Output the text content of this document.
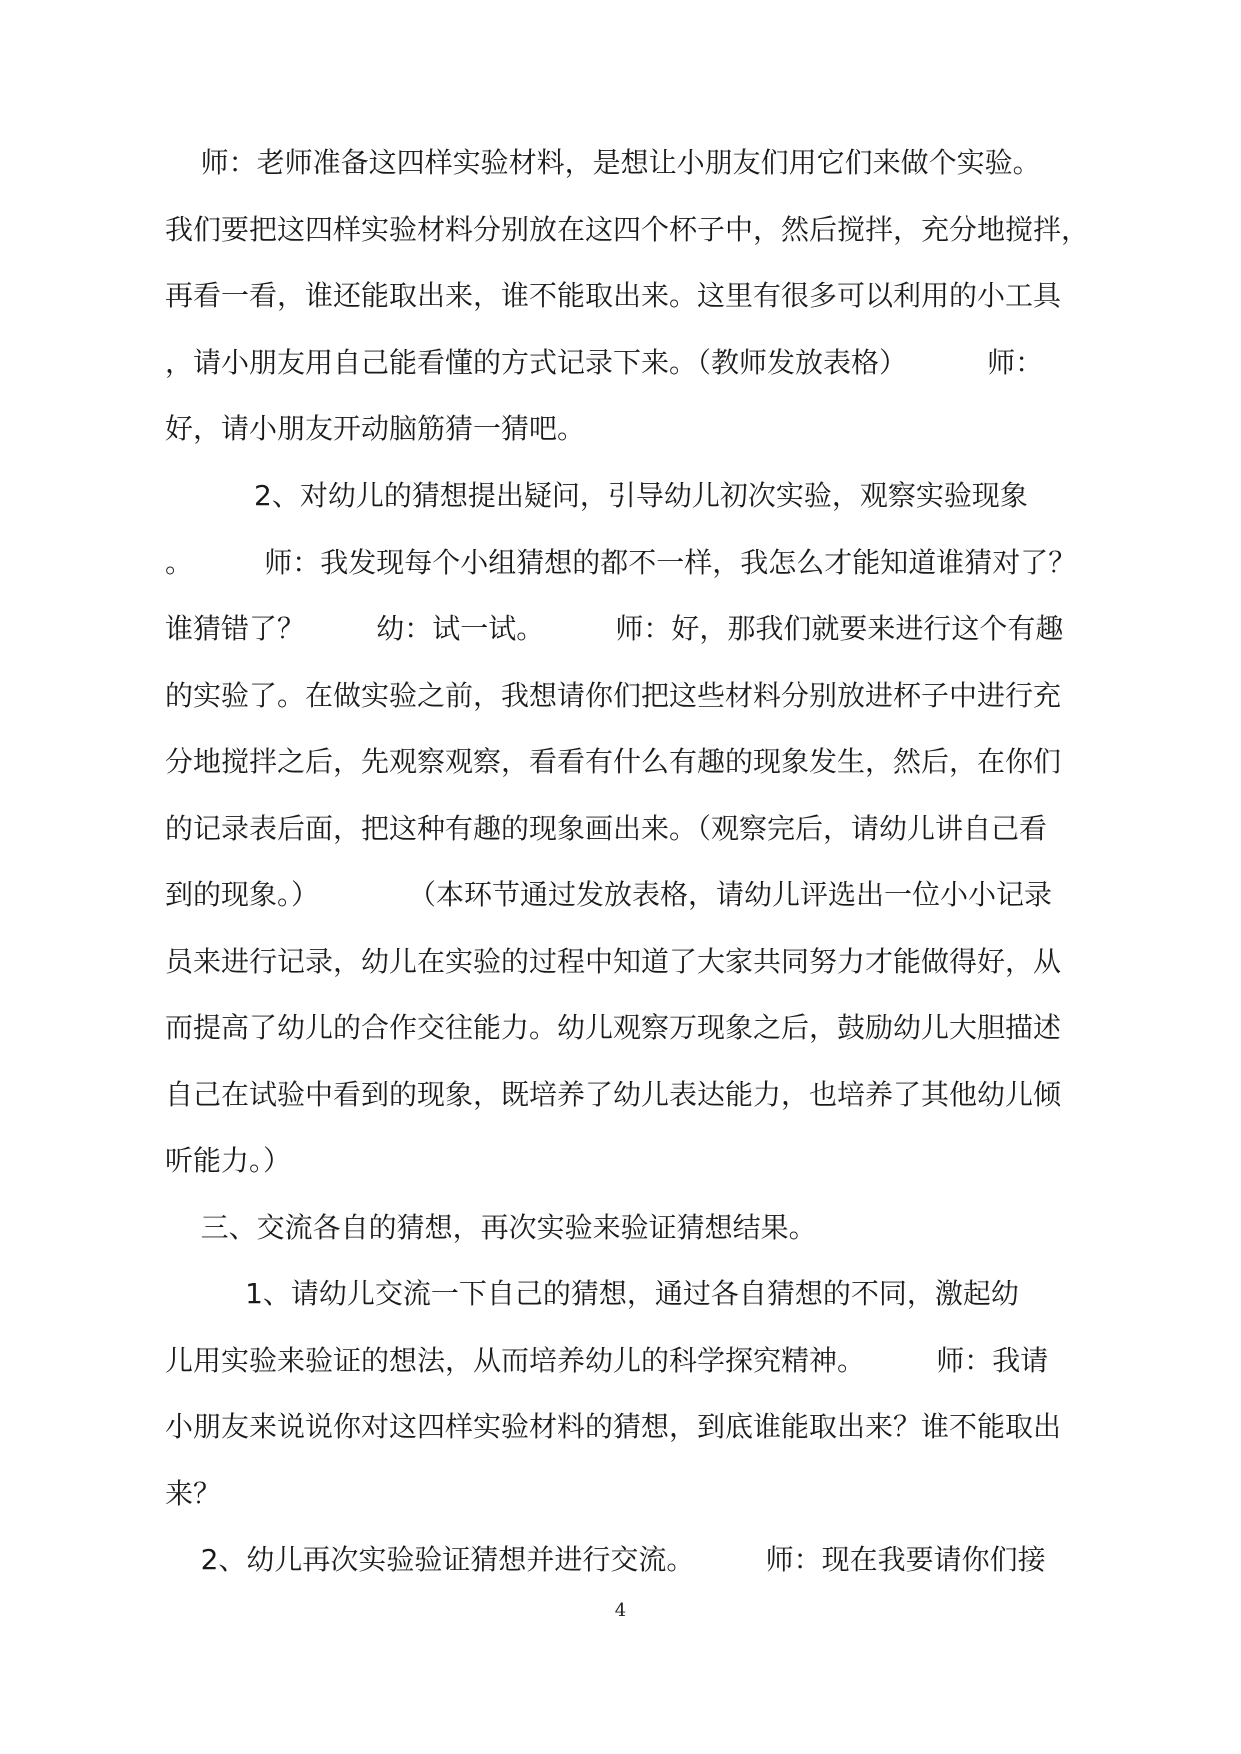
师：老师准备这四样实验材料，是想让小朋友们用它们来做个实验。
我们要把这四样实验材料分别放在这四个杯子中，然后搅拌，充分地搅拌，
再看一看，谁还能取出来，谁不能取出来。这里有很多可以利用的小工具
，请小朋友用自己能看懂的方式记录下来。（教师发放表格）         师：
好，请小朋友开动脑筋猜一猜吧。
2、对幼儿的猜想提出疑问，引导幼儿初次实验，观察实验现象
。        师：我发现每个小组猜想的都不一样，我怎么才能知道谁猜对了？
谁猜错了？        幼：试一试。        师：好，那我们就要来进行这个有趣
的实验了。在做实验之前，我想请你们把这些材料分别放进杯子中进行充
分地搅拌之后，先观察观察，看看有什么有趣的现象发生，然后，在你们
的记录表后面，把这种有趣的现象画出来。（观察完后，请幼儿讲自己看
到的现象。）          （本环节通过发放表格，请幼儿评选出一位小小记录
员来进行记录，幼儿在实验的过程中知道了大家共同努力才能做得好，从
而提高了幼儿的合作交往能力。幼儿观察万现象之后，鼓励幼儿大胆描述
自己在试验中看到的现象，既培养了幼儿表达能力，也培养了其他幼儿倾
听能力。）
三、交流各自的猜想，再次实验来验证猜想结果。
1、请幼儿交流一下自己的猜想，通过各自猜想的不同，激起幼
儿用实验来验证的想法，从而培养幼儿的科学探究精神。        师：我请
小朋友来说说你对这四样实验材料的猜想，到底谁能取出来？谁不能取出
来？
2、幼儿再次实验验证猜想并进行交流。        师：现在我要请你们接
4
